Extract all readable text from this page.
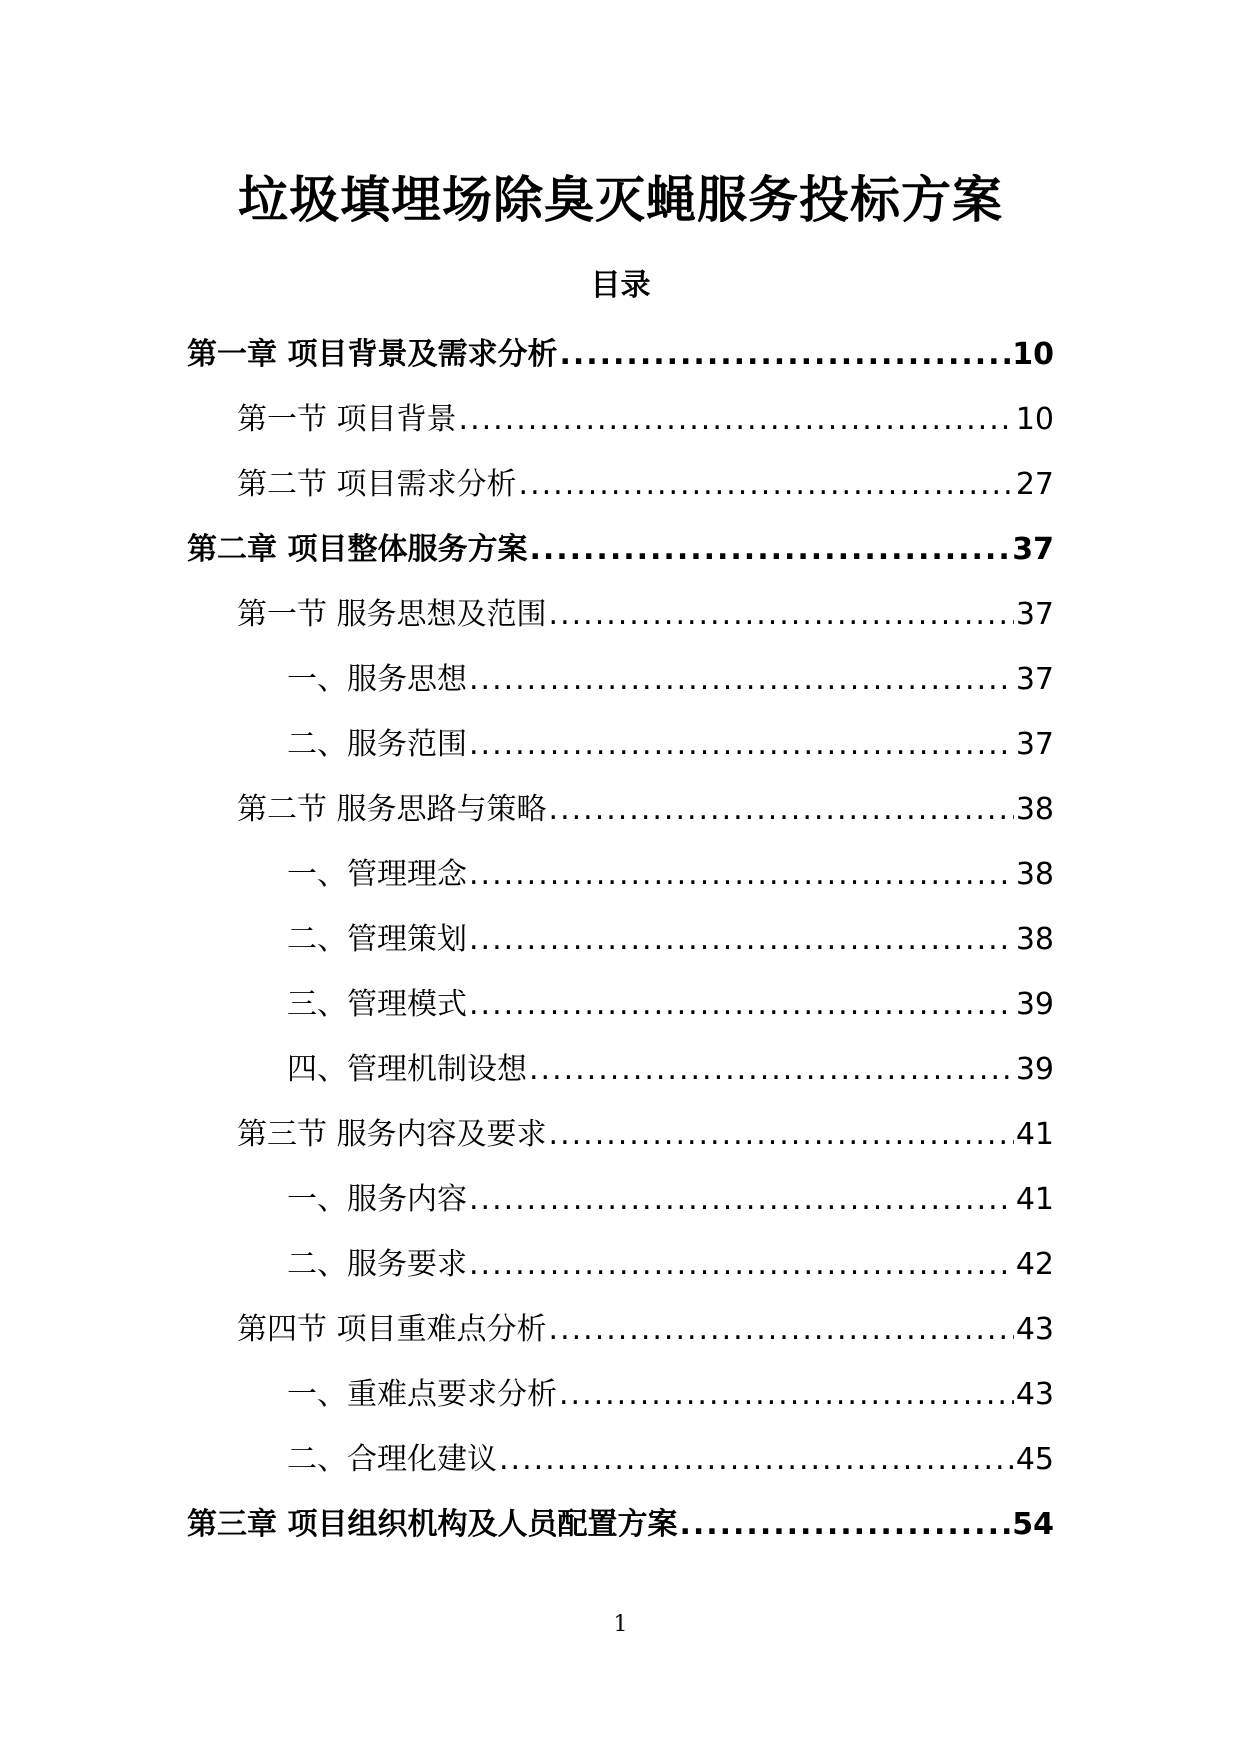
垃圾填埋场除臭灭蝇服务投标方案
目录
第一章 项目背景及需求分析 .....	10
第一节 项目背景 .....	10
第二节 项目需求分析 .....	27
第二章 项目整体服务方案 .....	37
第一节 服务思想及范围 .....	37
一、服务思想 .....	37
二、服务范围 .....	37
第二节 服务思路与策略 .....	38
一、管理理念 .....	38
二、管理策划 .....	38
三、管理模式 .....	39
四、管理机制设想 .....	39
第三节 服务内容及要求 .....	41
一、服务内容 .....	41
二、服务要求 .....	42
第四节 项目重难点分析 .....	43
一、重难点要求分析 .....	43
二、合理化建议 .....	45
第三章 项目组织机构及人员配置方案 .....	54
1
